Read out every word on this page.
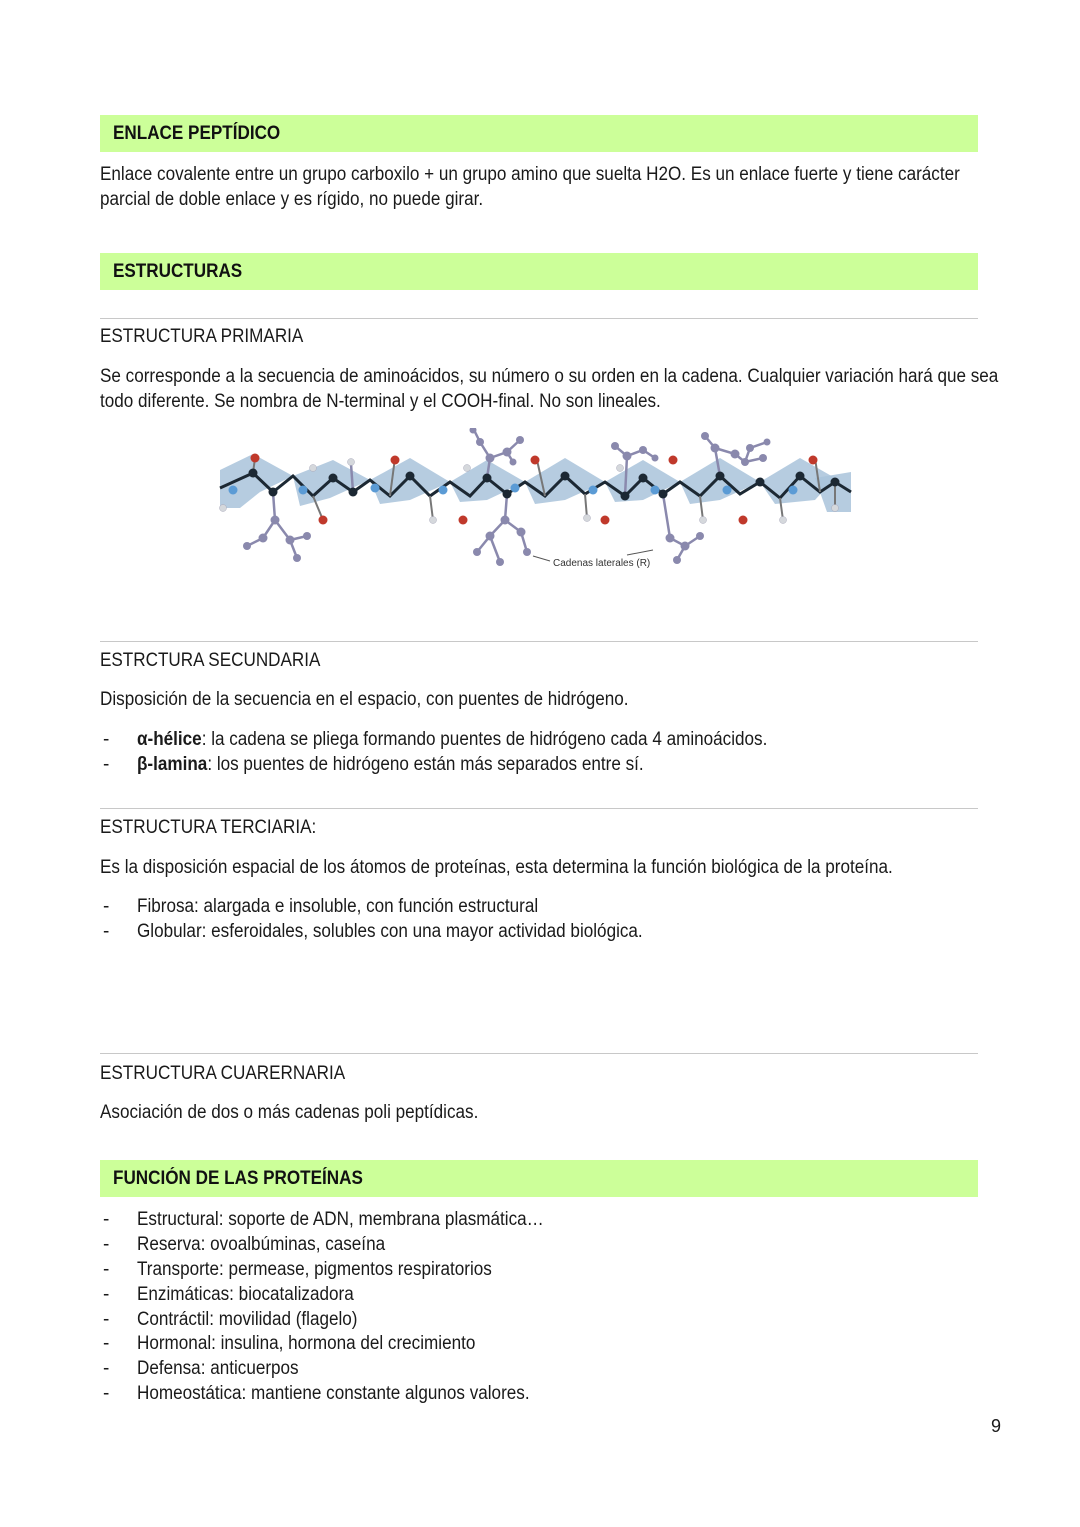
ENLACE PEPTÍDICO
Enlace covalente entre un grupo carboxilo + un grupo amino que suelta H2O. Es un enlace fuerte y tiene carácter
parcial de doble enlace y es rígido, no puede girar.
ESTRUCTURAS
ESTRUCTURA PRIMARIA
Se corresponde a la secuencia de aminoácidos, su número o su orden en la cadena. Cualquier variación hará que sea
todo diferente. Se nombra de N-terminal y el COOH-final. No son lineales.
Cadenas laterales (R)
ESTRCTURA SECUNDARIA
Disposición de la secuencia en el espacio, con puentes de hidrógeno.
- α-hélice: la cadena se pliega formando puentes de hidrógeno cada 4 aminoácidos.
- β-lamina: los puentes de hidrógeno están más separados entre sí.
ESTRUCTURA TERCIARIA:
Es la disposición espacial de los átomos de proteínas, esta determina la función biológica de la proteína.
- Fibrosa: alargada e insoluble, con función estructural
- Globular: esferoidales, solubles con una mayor actividad biológica.
ESTRUCTURA CUARERNARIA
Asociación de dos o más cadenas poli peptídicas.
FUNCIÓN DE LAS PROTEÍNAS
- Estructural: soporte de ADN, membrana plasmática…
- Reserva: ovoalbúminas, caseína
- Transporte: permease, pigmentos respiratorios
- Enzimáticas: biocatalizadora
- Contráctil: movilidad (flagelo)
- Hormonal: insulina, hormona del crecimiento
- Defensa: anticuerpos
- Homeostática: mantiene constante algunos valores.
9
